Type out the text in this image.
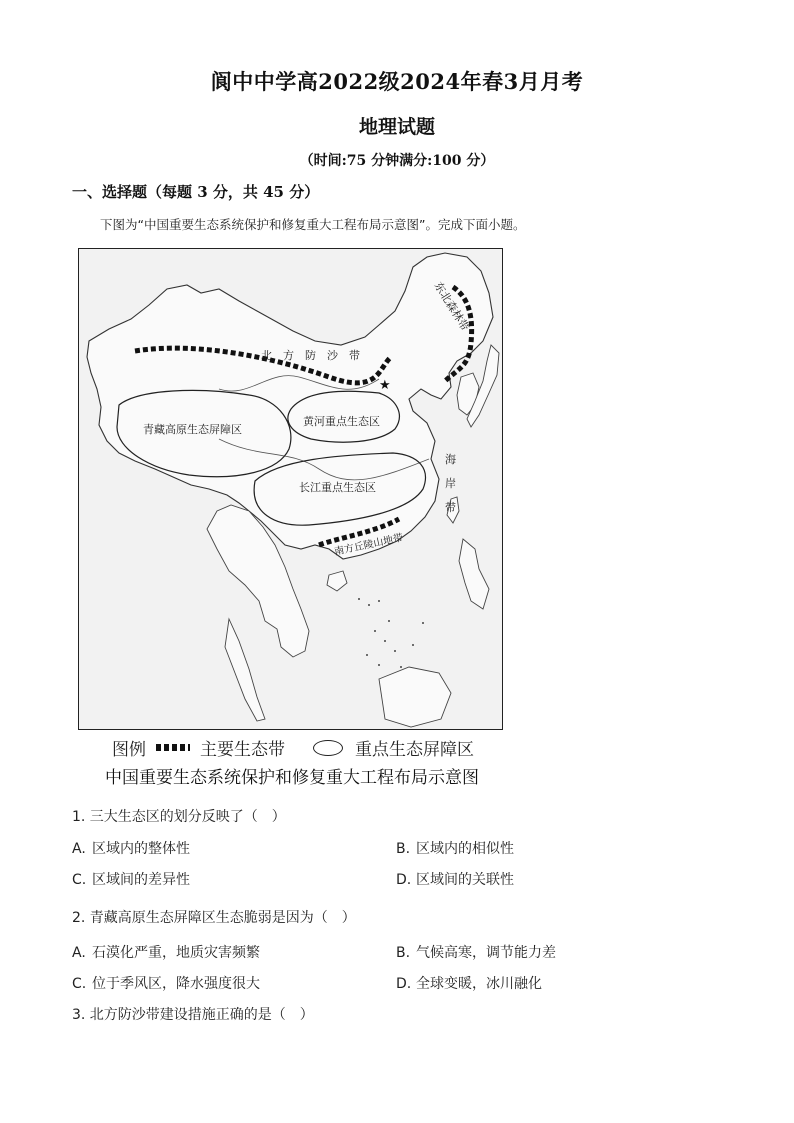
阆中中学高2022级2024年春3月月考
地理试题
（时间:75 分钟满分:100 分）
一、选择题（每题 3 分，共 45 分）
下图为“中国重要生态系统保护和修复重大工程布局示意图”。完成下面小题。
★
东北森林带
北　方　防　沙　带
青藏高原生态屏障区
黄河重点生态区
长江重点生态区
海
岸
带
南方丘陵山地带
图例	主要生态带	重点生态屏障区
中国重要生态系统保护和修复重大工程布局示意图
1. 三大生态区的划分反映了（　）
A. 区域内的整体性	B. 区域内的相似性
C. 区域间的差异性	D. 区域间的关联性
2. 青藏高原生态屏障区生态脆弱是因为（　）
A. 石漠化严重，地质灾害频繁	B. 气候高寒，调节能力差
C. 位于季风区，降水强度很大	D. 全球变暖，冰川融化
3. 北方防沙带建设措施正确的是（　）
